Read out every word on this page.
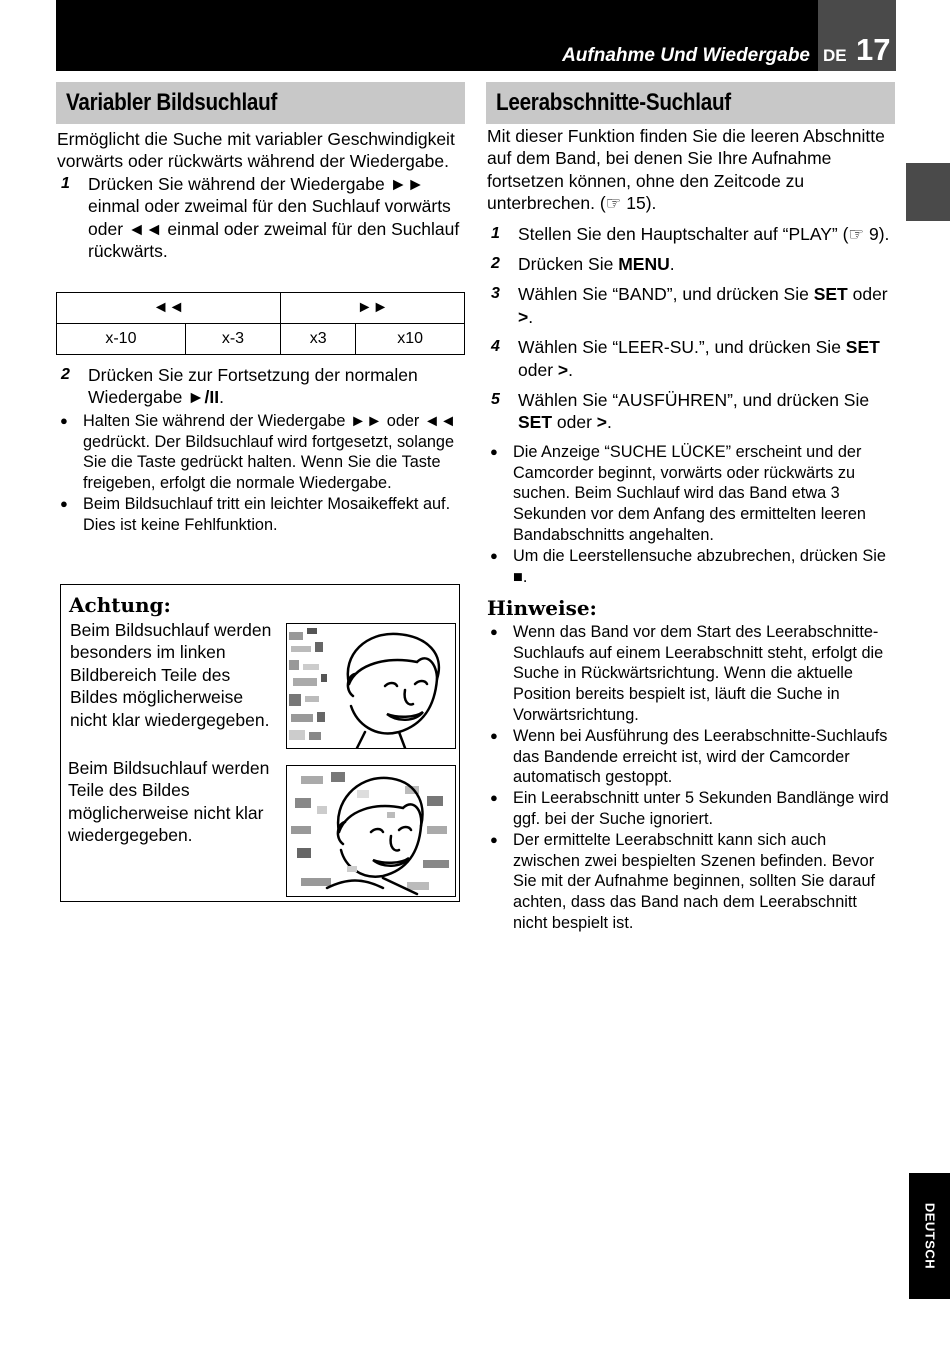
Aufnahme Und Wiedergabe DE 17
DEUTSCH
Variabler Bildsuchlauf

Ermöglicht die Suche mit variabler Geschwindigkeit vorwärts oder rückwärts während der Wiedergabe.

1 Drücken Sie während der Wiedergabe ►► einmal oder zweimal für den Suchlauf vorwärts oder ◄◄ einmal oder zweimal für den Suchlauf rückwärts.
◄◄		►►	
x-10	x-3	x3	x10
2 Drücken Sie zur Fortsetzung der normalen Wiedergabe ►/II.
● Halten Sie während der Wiedergabe ►► oder ◄◄ gedrückt. Der Bildsuchlauf wird fortgesetzt, solange Sie die Taste gedrückt halten. Wenn Sie die Taste freigeben, erfolgt die normale Wiedergabe.
● Beim Bildsuchlauf tritt ein leichter Mosaikeffekt auf. Dies ist keine Fehlfunktion.
Achtung:
Beim Bildsuchlauf werden besonders im linken Bildbereich Teile des Bildes möglicherweise nicht klar wiedergegeben.
Beim Bildsuchlauf werden Teile des Bildes möglicherweise nicht klar wiedergegeben.
Leerabschnitte-Suchlauf

Mit dieser Funktion finden Sie die leeren Abschnitte auf dem Band, bei denen Sie Ihre Aufnahme fortsetzen können, ohne den Zeitcode zu unterbrechen. (☞ 15).

1 Stellen Sie den Hauptschalter auf “PLAY” (☞ 9).
2 Drücken Sie MENU.
3 Wählen Sie “BAND”, und drücken Sie SET oder >.
4 Wählen Sie “LEER-SU.”, und drücken Sie SET oder >.
5 Wählen Sie “AUSFÜHREN”, und drücken Sie SET oder >.
● Die Anzeige “SUCHE LÜCKE” erscheint und der Camcorder beginnt, vorwärts oder rückwärts zu suchen. Beim Suchlauf wird das Band etwa 3 Sekunden vor dem Anfang des ermittelten leeren Bandabschnitts angehalten.
● Um die Leerstellensuche abzubrechen, drücken Sie ■.
Hinweise:
● Wenn das Band vor dem Start des Leerabschnitte-Suchlaufs auf einem Leerabschnitt steht, erfolgt die Suche in Rückwärtsrichtung. Wenn die aktuelle Position bereits bespielt ist, läuft die Suche in Vorwärtsrichtung.
● Wenn bei Ausführung des Leerabschnitte-Suchlaufs das Bandende erreicht ist, wird der Camcorder automatisch gestoppt.
● Ein Leerabschnitt unter 5 Sekunden Bandlänge wird ggf. bei der Suche ignoriert.
● Der ermittelte Leerabschnitt kann sich auch zwischen zwei bespielten Szenen befinden. Bevor Sie mit der Aufnahme beginnen, sollten Sie darauf achten, dass das Band nach dem Leerabschnitt nicht bespielt ist.
